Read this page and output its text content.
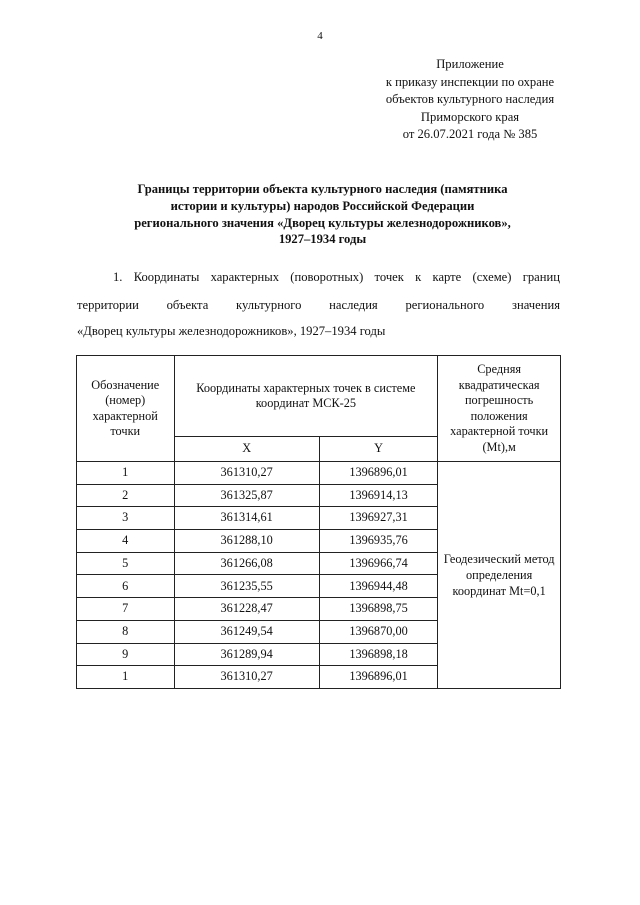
4
Приложение
к приказу инспекции по охране
объектов культурного наследия
Приморского края
от 26.07.2021 года № 385
Границы территории объекта культурного наследия (памятника
истории и культуры) народов Российской Федерации
регионального значения «Дворец культуры железнодорожников»,
1927–1934 годы
1. Координаты характерных (поворотных) точек к карте (схеме) границ
территории объекта культурного наследия регионального значения
«Дворец культуры железнодорожников», 1927–1934 годы
Обозначение (номер) характерной точки	Координаты характерных точек в системе координат МСК-25		Средняя квадратическая погрешность положения характерной точки (Mt),м
	X	Y	
1	361310,27	1396896,01	Геодезический метод определения координат Mt=0,1
2	361325,87	1396914,13	
3	361314,61	1396927,31	
4	361288,10	1396935,76	
5	361266,08	1396966,74	
6	361235,55	1396944,48	
7	361228,47	1396898,75	
8	361249,54	1396870,00	
9	361289,94	1396898,18	
1	361310,27	1396896,01	
